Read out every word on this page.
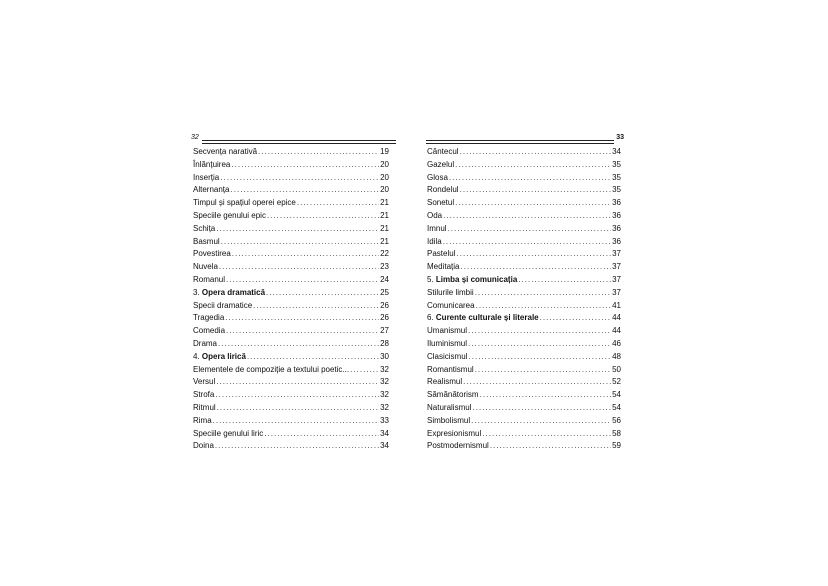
32
Secvența narativă . . .	19
Înlănțuirea . . .	20
Inserția . . .	20
Alternanța . . .	20
Timpul și spațiul operei epice . . .	21
Speciile genului epic . . .	21
Schița . . .	21
Basmul . . .	21
Povestirea . . .	22
Nuvela . . .	23
Romanul . . .	24
3. Opera dramatică . . .	25
Specii dramatice . . .	26
Tragedia . . .	26
Comedia . . .	27
Drama . . .	28
4. Opera lirică . . .	30
Elementele de compoziție a textului poetic... . . .	32
Versul . . .	32
Strofa . . .	32
Ritmul . . .	32
Rima . . .	33
Speciile genului liric . . .	34
Doina . . .	34
33
Cântecul . . .	34
Gazelul . . .	35
Glosa . . .	35
Rondelul . . .	35
Sonetul . . .	36
Oda . . .	36
Imnul . . .	36
Idila . . .	36
Pastelul . . .	37
Meditația . . .	37
5. Limba și comunicația . . .	37
Stilurile limbii . . .	37
Comunicarea . . .	41
6. Curente culturale și literale . . .	44
Umanismul . . .	44
Iluminismul . . .	46
Clasicismul . . .	48
Romantismul . . .	50
Realismul . . .	52
Sămănătorism . . .	54
Naturalismul . . .	54
Simbolismul . . .	56
Expresionismul . . .	58
Postmodernismul . . .	59
